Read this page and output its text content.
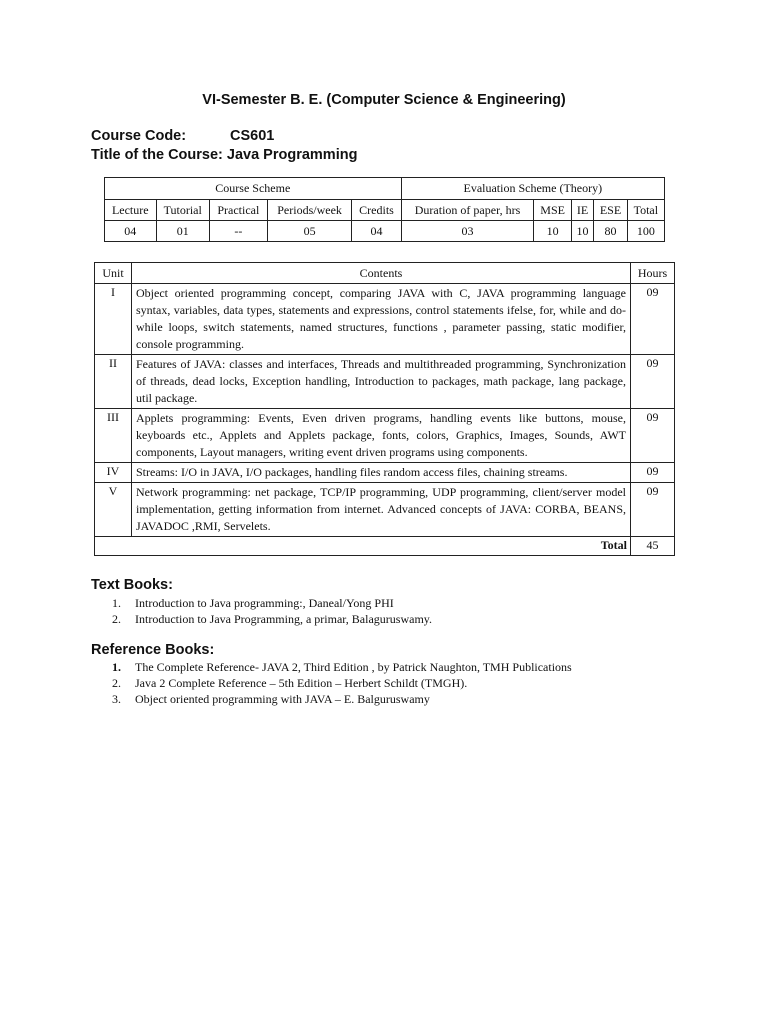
VI-Semester B. E. (Computer Science & Engineering)
Course Code:	CS601
Title of the Course: Java Programming
Course Scheme					Evaluation Scheme (Theory)				
Lecture	Tutorial	Practical	Periods/week	Credits	Duration of paper, hrs	MSE	IE	ESE	Total
04	01	--	05	04	03	10	10	80	100
Unit	Contents	Hours
I	Object oriented programming concept, comparing JAVA with C, JAVA programming language syntax, variables, data types, statements and expressions, control statements ifelse, for, while and do-while loops, switch statements, named structures, functions , parameter passing, static modifier, console programming.	09
II	Features of JAVA: classes and interfaces, Threads and multithreaded programming, Synchronization of threads, dead locks, Exception handling, Introduction to packages, math package, lang package, util package.	09
III	Applets programming: Events, Even driven programs, handling events like buttons, mouse, keyboards etc., Applets and Applets package, fonts, colors, Graphics, Images, Sounds, AWT components, Layout managers, writing event driven programs using components.	09
IV	Streams: I/O in JAVA, I/O packages, handling files random access files, chaining streams.	09
V	Network programming: net package, TCP/IP programming, UDP programming, client/server model implementation, getting information from internet. Advanced concepts of JAVA: CORBA, BEANS, JAVADOC ,RMI, Servelets.	09
Total		45
Text Books:
1. Introduction to Java programming:, Daneal/Yong PHI
2. Introduction to Java Programming, a primar, Balaguruswamy.
Reference Books:
1. The Complete Reference- JAVA 2, Third Edition , by Patrick Naughton, TMH Publications
2. Java 2 Complete Reference – 5th Edition – Herbert Schildt (TMGH).
3. Object oriented programming with JAVA – E. Balguruswamy
